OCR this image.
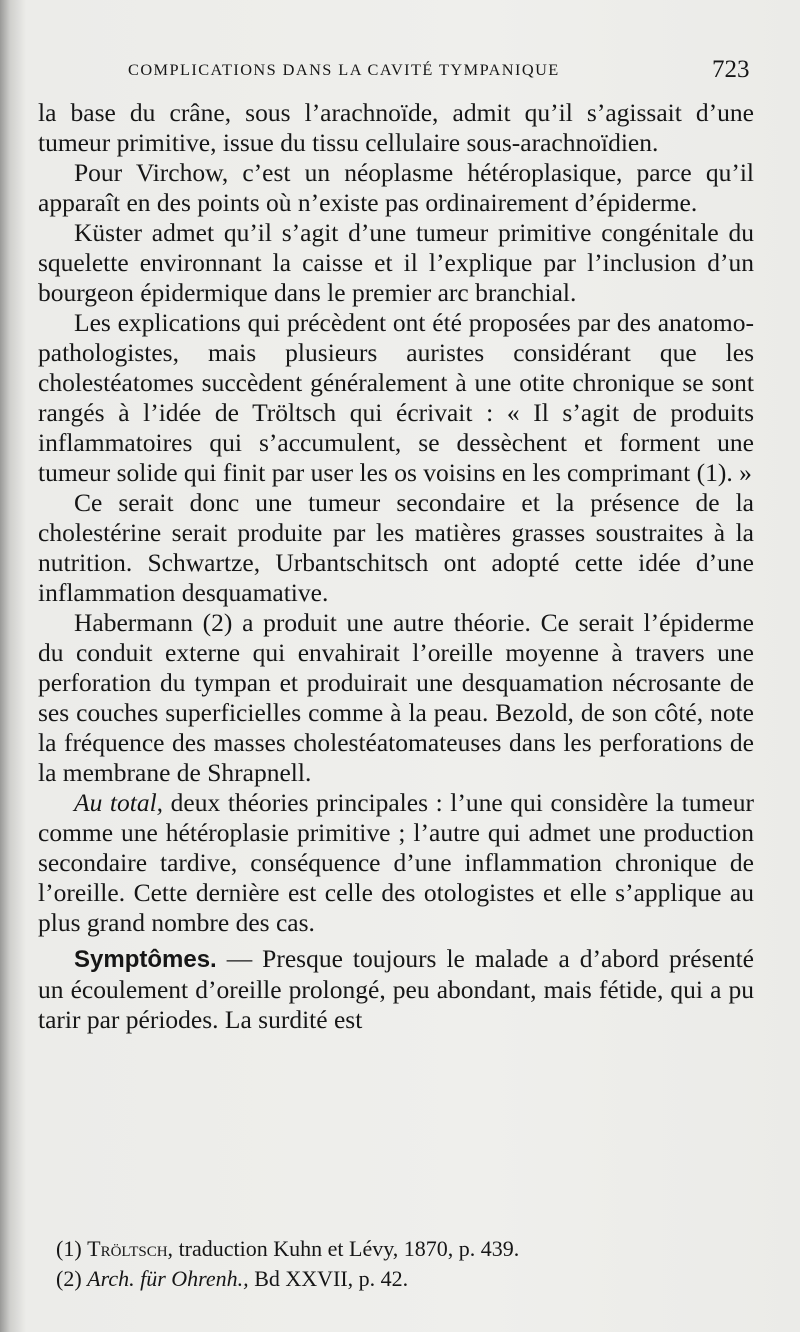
COMPLICATIONS DANS LA CAVITÉ TYMPANIQUE	723

la base du crâne, sous l’arachnoïde, admit qu’il s’agissait d’une tumeur primitive, issue du tissu cellulaire sous-arachnoïdien.

Pour Virchow, c’est un néoplasme hétéroplasique, parce qu’il apparaît en des points où n’existe pas ordinairement d’épiderme.

Küster admet qu’il s’agit d’une tumeur primitive congénitale du squelette environnant la caisse et il l’explique par l’inclusion d’un bourgeon épidermique dans le premier arc branchial.

Les explications qui précèdent ont été proposées par des anatomo-pathologistes, mais plusieurs auristes considérant que les cholestéatomes succèdent généralement à une otite chronique se sont rangés à l’idée de Tröltsch qui écrivait : « Il s’agit de produits inflammatoires qui s’accumulent, se dessèchent et forment une tumeur solide qui finit par user les os voisins en les comprimant (1). »

Ce serait donc une tumeur secondaire et la présence de la cholestérine serait produite par les matières grasses soustraites à la nutrition. Schwartze, Urbantschitsch ont adopté cette idée d’une inflammation desquamative.

Habermann (2) a produit une autre théorie. Ce serait l’épiderme du conduit externe qui envahirait l’oreille moyenne à travers une perforation du tympan et produirait une desquamation nécrosante de ses couches superficielles comme à la peau. Bezold, de son côté, note la fréquence des masses cholestéatomateuses dans les perforations de la membrane de Shrapnell.

Au total, deux théories principales : l’une qui considère la tumeur comme une hétéroplasie primitive ; l’autre qui admet une production secondaire tardive, conséquence d’une inflammation chronique de l’oreille. Cette dernière est celle des otologistes et elle s’applique au plus grand nombre des cas.

Symptômes. — Presque toujours le malade a d’abord présenté un écoulement d’oreille prolongé, peu abondant, mais fétide, qui a pu tarir par périodes. La surdité est

(1) Tröltsch, traduction Kuhn et Lévy, 1870, p. 439.

(2) Arch. für Ohrenh., Bd XXVII, p. 42.
